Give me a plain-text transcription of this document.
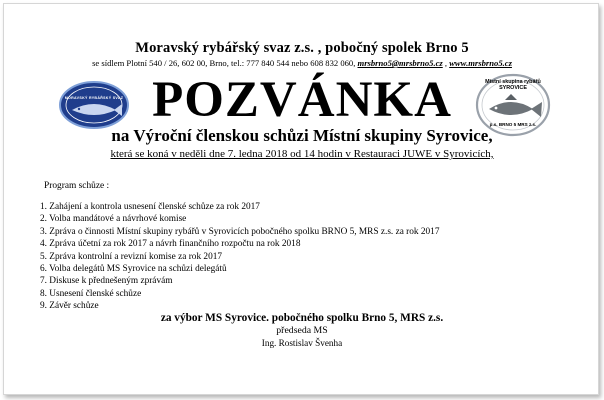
MORAVSKÝ RYBÁŘSKÝ SVAZ
Místní skupina rybářů
SYROVICE
p.s. BRNO 5 MRS z.s.
Moravský rybářský svaz z.s. , pobočný spolek Brno 5
se sídlem Plotní 540 / 26, 602 00, Brno, tel.: 777 840 544 nebo 608 832 060, mrsbrno5@mrsbrno5.cz , www.mrsbrno5.cz
POZVÁNKA
na Výroční členskou schůzi Místní skupiny Syrovice,
která se koná v neděli dne 7. ledna 2018 od 14 hodin v Restauraci JUWE v Syrovicích,
Program schůze :
1. Zahájení a kontrola usnesení členské schůze za rok 2017
2. Volba mandátové a návrhové komise
3. Zpráva o činnosti Místní skupiny rybářů v Syrovicích pobočného spolku BRNO 5, MRS z.s. za rok 2017
4. Zpráva účetní za rok 2017 a návrh finančního rozpočtu na rok 2018
5. Zpráva kontrolní a revizní komise za rok 2017
6. Volba delegátů MS Syrovice na schůzi delegátů
7. Diskuse k přednešeným zprávám
8. Usnesení členské schůze
9. Závěr schůze
za výbor MS Syrovice. pobočného spolku Brno 5, MRS z.s.
předseda MS
Ing. Rostislav Švenha
